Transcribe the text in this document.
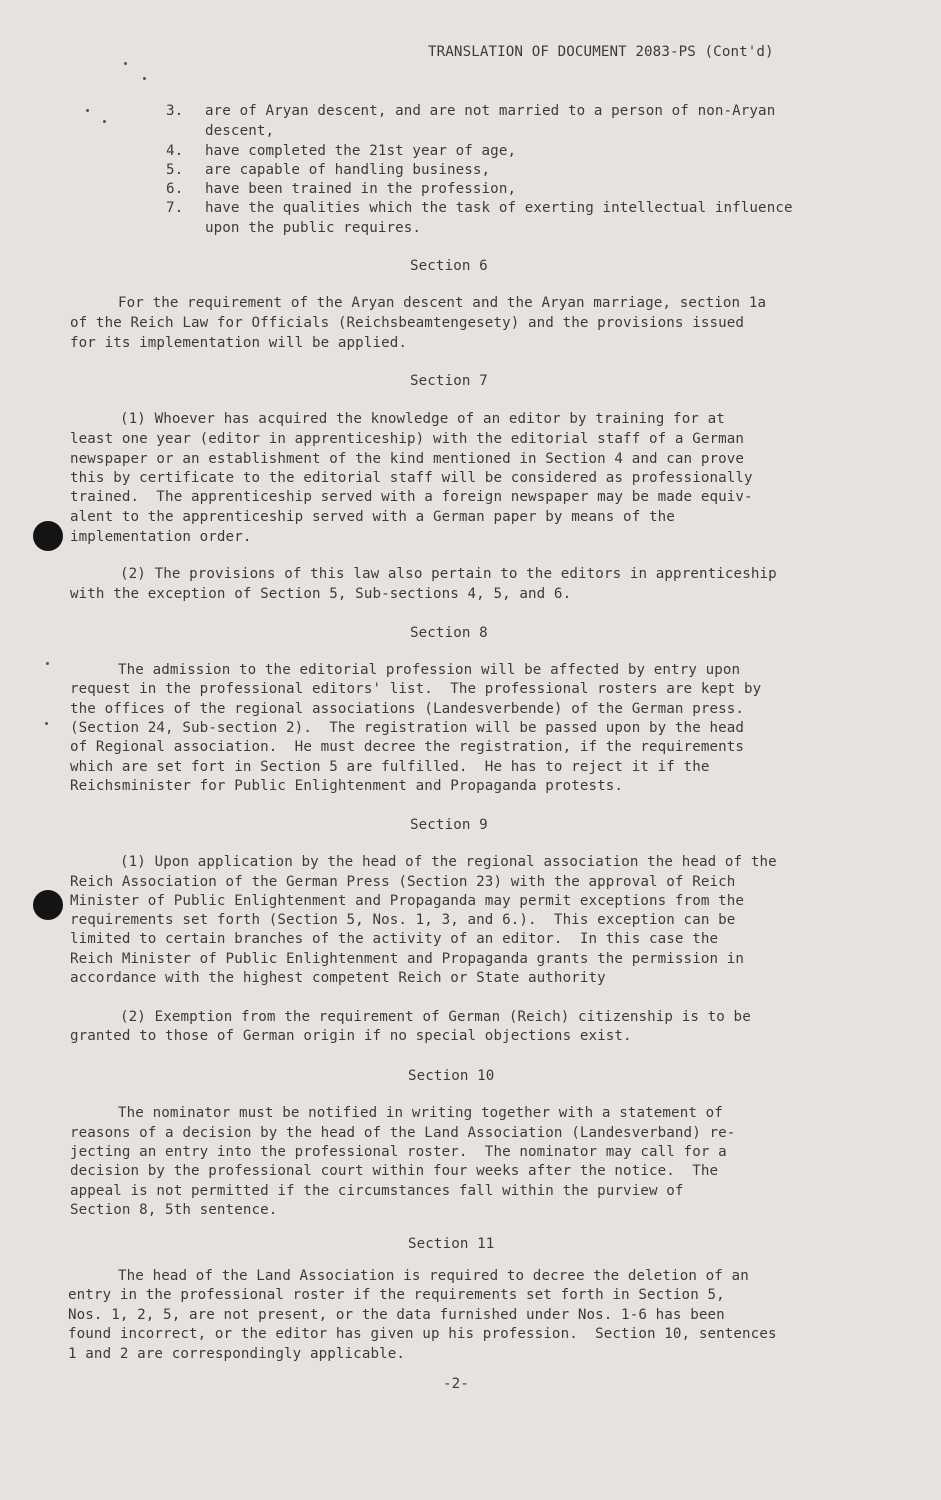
TRANSLATION OF DOCUMENT 2083-PS (Cont'd)
3. are of Aryan descent, and are not married to a person of non-Aryan
descent,
4. have completed the 21st year of age,
5. are capable of handling business,
6. have been trained in the profession,
7. have the qualities which the task of exerting intellectual influence
upon the public requires.
Section 6
For the requirement of the Aryan descent and the Aryan marriage, section 1a
of the Reich Law for Officials (Reichsbeamtengesety) and the provisions issued
for its implementation will be applied.
Section 7
(1) Whoever has acquired the knowledge of an editor by training for at
least one year (editor in apprenticeship) with the editorial staff of a German
newspaper or an establishment of the kind mentioned in Section 4 and can prove
this by certificate to the editorial staff will be considered as professionally
trained.  The apprenticeship served with a foreign newspaper may be made equiv-
alent to the apprenticeship served with a German paper by means of the
implementation order.
(2) The provisions of this law also pertain to the editors in apprenticeship
with the exception of Section 5, Sub-sections 4, 5, and 6.
Section 8
The admission to the editorial profession will be affected by entry upon
request in the professional editors' list.  The professional rosters are kept by
the offices of the regional associations (Landesverbende) of the German press.
(Section 24, Sub-section 2).  The registration will be passed upon by the head
of Regional association.  He must decree the registration, if the requirements
which are set fort in Section 5 are fulfilled.  He has to reject it if the
Reichsminister for Public Enlightenment and Propaganda protests.
Section 9
(1) Upon application by the head of the regional association the head of the
Reich Association of the German Press (Section 23) with the approval of Reich
Minister of Public Enlightenment and Propaganda may permit exceptions from the
requirements set forth (Section 5, Nos. 1, 3, and 6.).  This exception can be
limited to certain branches of the activity of an editor.  In this case the
Reich Minister of Public Enlightenment and Propaganda grants the permission in
accordance with the highest competent Reich or State authority
(2) Exemption from the requirement of German (Reich) citizenship is to be
granted to those of German origin if no special objections exist.
Section 10
The nominator must be notified in writing together with a statement of
reasons of a decision by the head of the Land Association (Landesverband) re-
jecting an entry into the professional roster.  The nominator may call for a
decision by the professional court within four weeks after the notice.  The
appeal is not permitted if the circumstances fall within the purview of
Section 8, 5th sentence.
Section 11
The head of the Land Association is required to decree the deletion of an
entry in the professional roster if the requirements set forth in Section 5,
Nos. 1, 2, 5, are not present, or the data furnished under Nos. 1-6 has been
found incorrect, or the editor has given up his profession.  Section 10, sentences
1 and 2 are correspondingly applicable.
-2-
